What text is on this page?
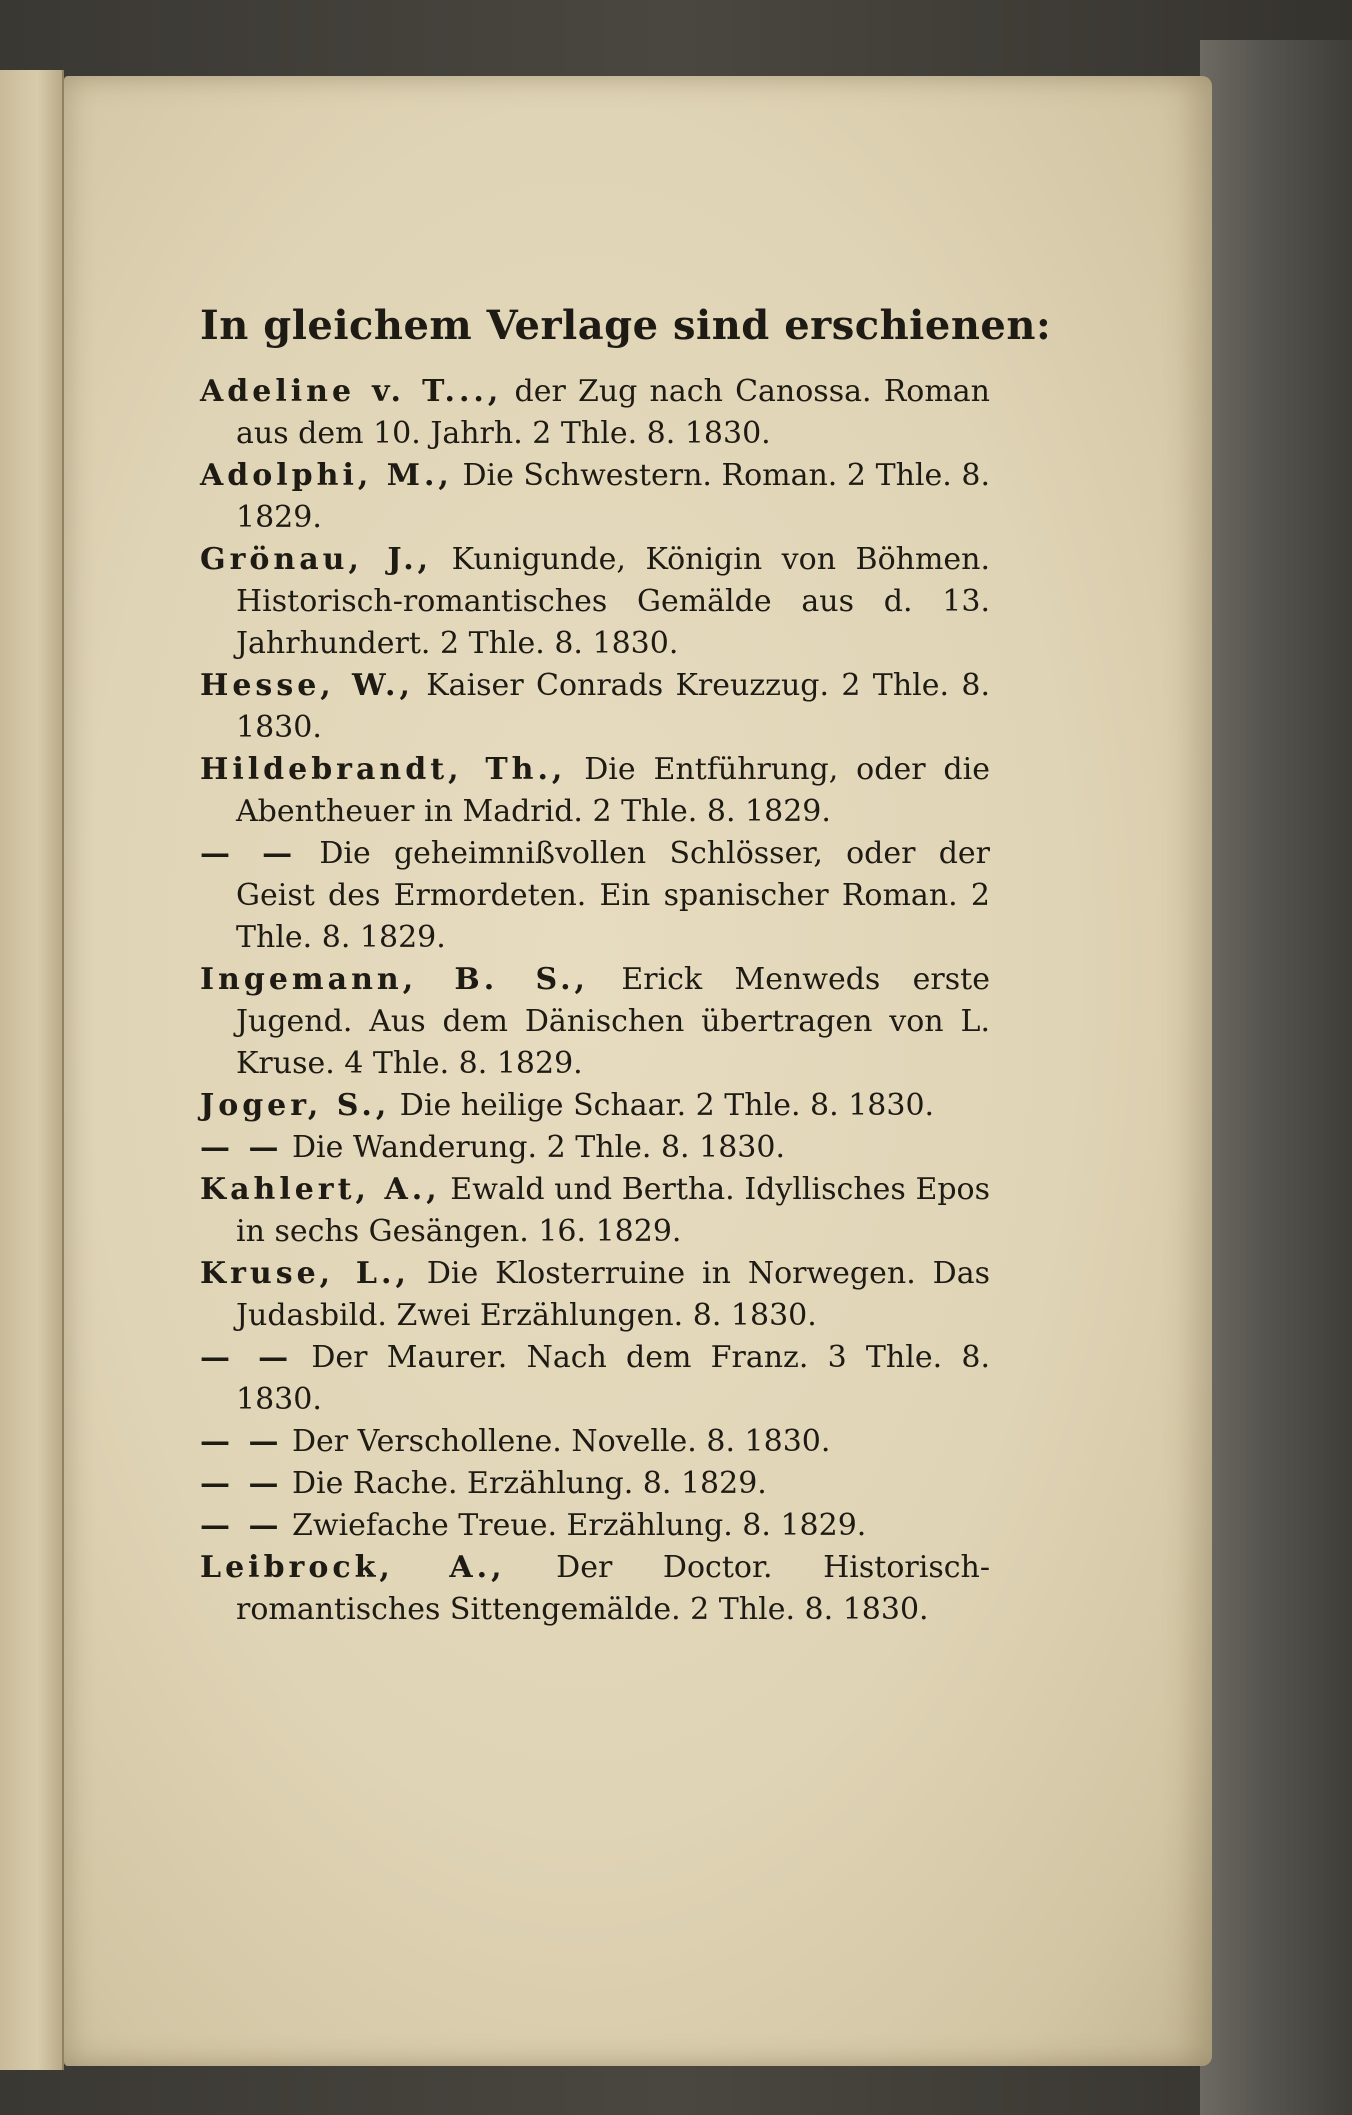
In gleichem Verlage sind erschienen:

Adeline v. T..., der Zug nach Canossa. Roman aus dem 10. Jahrh. 2 Thle. 8. 1830.

Adolphi, M., Die Schwestern. Roman. 2 Thle. 8. 1829.

Grönau, J., Kunigunde, Königin von Böhmen. Historisch-romantisches Gemälde aus d. 13. Jahrhundert. 2 Thle. 8. 1830.

Hesse, W., Kaiser Conrads Kreuzzug. 2 Thle. 8. 1830.

Hildebrandt, Th., Die Entführung, oder die Abentheuer in Madrid. 2 Thle. 8. 1829.

— — Die geheimnißvollen Schlösser, oder der Geist des Ermordeten. Ein spanischer Roman. 2 Thle. 8. 1829.

Ingemann, B. S., Erick Menweds erste Jugend. Aus dem Dänischen übertragen von L. Kruse. 4 Thle. 8. 1829.

Joger, S., Die heilige Schaar. 2 Thle. 8. 1830.

— — Die Wanderung. 2 Thle. 8. 1830.

Kahlert, A., Ewald und Bertha. Idyllisches Epos in sechs Gesängen. 16. 1829.

Kruse, L., Die Klosterruine in Norwegen. Das Judasbild. Zwei Erzählungen. 8. 1830.

— — Der Maurer. Nach dem Franz. 3 Thle. 8. 1830.

— — Der Verschollene. Novelle. 8. 1830.

— — Die Rache. Erzählung. 8. 1829.

— — Zwiefache Treue. Erzählung. 8. 1829.

Leibrock, A., Der Doctor. Historisch-romantisches Sittengemälde. 2 Thle. 8. 1830.
